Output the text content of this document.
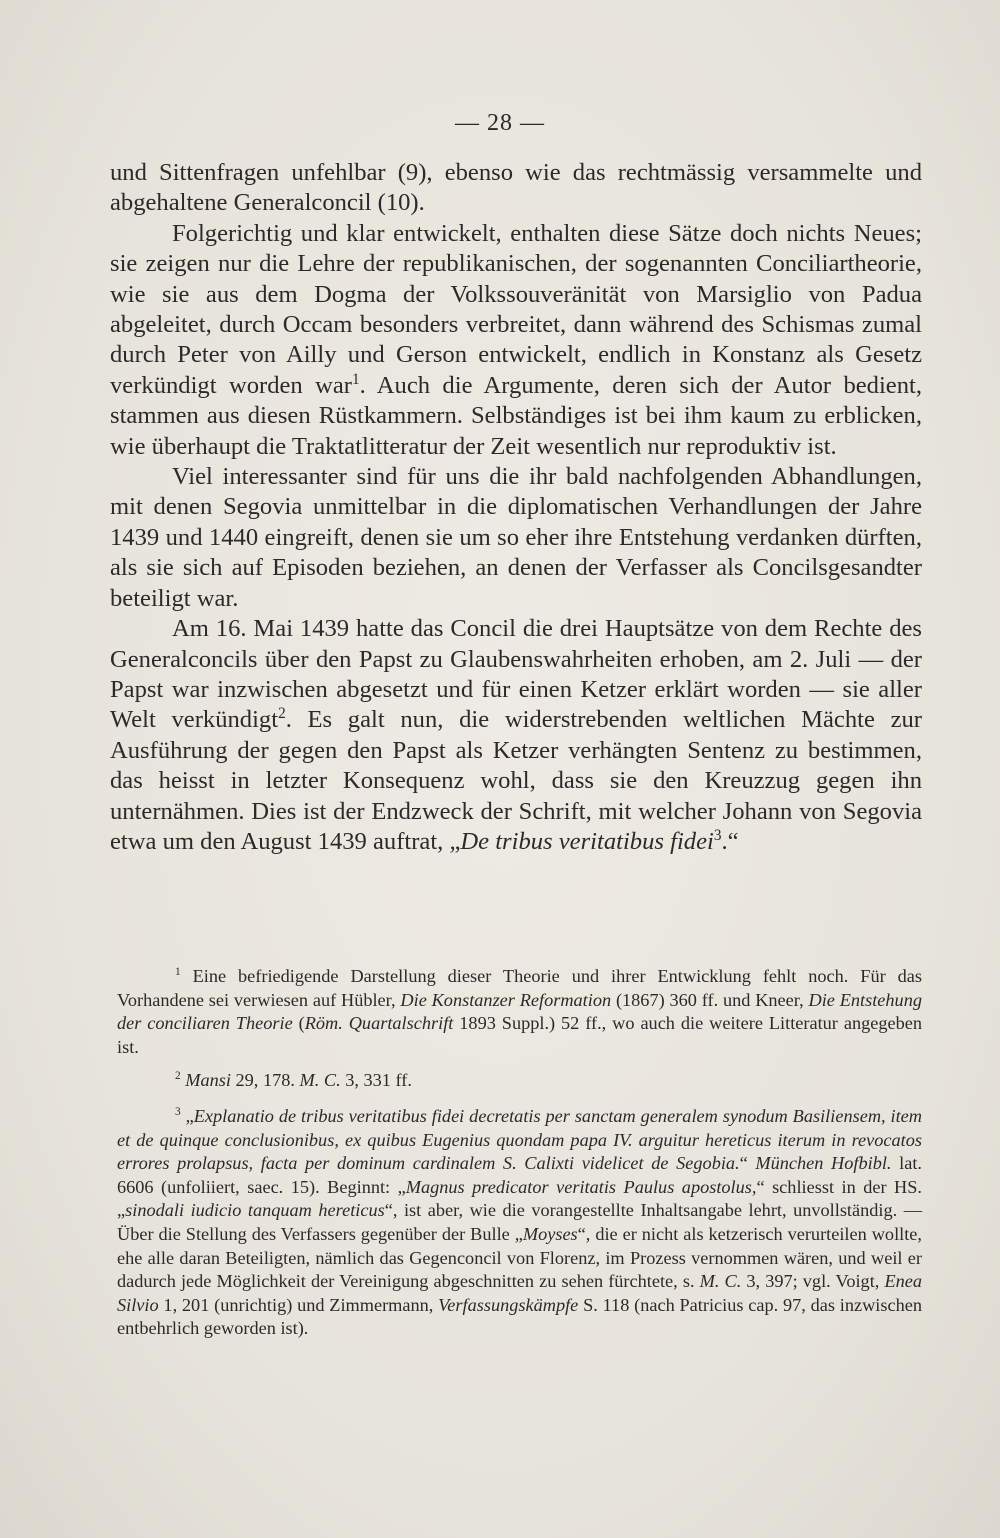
— 28 —

und Sittenfragen unfehlbar (9), ebenso wie das rechtmässig versammelte und abgehaltene Generalconcil (10).

Folgerichtig und klar entwickelt, enthalten diese Sätze doch nichts Neues; sie zeigen nur die Lehre der republikanischen, der sogenannten Conciliartheorie, wie sie aus dem Dogma der Volkssouveränität von Marsiglio von Padua abgeleitet, durch Occam besonders verbreitet, dann während des Schismas zumal durch Peter von Ailly und Gerson entwickelt, endlich in Konstanz als Gesetz verkündigt worden war$^1$. Auch die Argumente, deren sich der Autor bedient, stammen aus diesen Rüstkammern. Selbständiges ist bei ihm kaum zu erblicken, wie überhaupt die Traktatlitteratur der Zeit wesentlich nur reproduktiv ist.

Viel interessanter sind für uns die ihr bald nachfolgenden Abhandlungen, mit denen Segovia unmittelbar in die diplomatischen Verhandlungen der Jahre 1439 und 1440 eingreift, denen sie um so eher ihre Entstehung verdanken dürften, als sie sich auf Episoden beziehen, an denen der Verfasser als Concilsgesandter beteiligt war.

Am 16. Mai 1439 hatte das Concil die drei Hauptsätze von dem Rechte des Generalconcils über den Papst zu Glaubenswahrheiten erhoben, am 2. Juli — der Papst war inzwischen abgesetzt und für einen Ketzer erklärt worden — sie aller Welt verkündigt$^2$. Es galt nun, die widerstrebenden weltlichen Mächte zur Ausführung der gegen den Papst als Ketzer verhängten Sentenz zu bestimmen, das heisst in letzter Konsequenz wohl, dass sie den Kreuzzug gegen ihn unternähmen. Dies ist der Endzweck der Schrift, mit welcher Johann von Segovia etwa um den August 1439 auftrat, „De tribus veritatibus fidei$^3$.“

$^1$ Eine befriedigende Darstellung dieser Theorie und ihrer Entwicklung fehlt noch. Für das Vorhandene sei verwiesen auf Hübler, Die Konstanzer Reformation (1867) 360 ff. und Kneer, Die Entstehung der conciliaren Theorie (Röm. Quartalschrift 1893 Suppl.) 52 ff., wo auch die weitere Litteratur angegeben ist.

$^2$ Mansi 29, 178. M. C. 3, 331 ff.

$^3$ „Explanatio de tribus veritatibus fidei decretatis per sanctam generalem synodum Basiliensem, item et de quinque conclusionibus, ex quibus Eugenius quondam papa IV. arguitur hereticus iterum in revocatos errores prolapsus, facta per dominum cardinalem S. Calixti videlicet de Segobia.“ München Hofbibl. lat. 6606 (unfoliiert, saec. 15). Beginnt: „Magnus predicator veritatis Paulus apostolus,“ schliesst in der HS. „sinodali iudicio tanquam hereticus“, ist aber, wie die vorangestellte Inhaltsangabe lehrt, unvollständig. — Über die Stellung des Verfassers gegenüber der Bulle „Moyses“, die er nicht als ketzerisch verurteilen wollte, ehe alle daran Beteiligten, nämlich das Gegenconcil von Florenz, im Prozess vernommen wären, und weil er dadurch jede Möglichkeit der Vereinigung abgeschnitten zu sehen fürchtete, s. M. C. 3, 397; vgl. Voigt, Enea Silvio 1, 201 (unrichtig) und Zimmermann, Verfassungskämpfe S. 118 (nach Patricius cap. 97, das inzwischen entbehrlich geworden ist).
